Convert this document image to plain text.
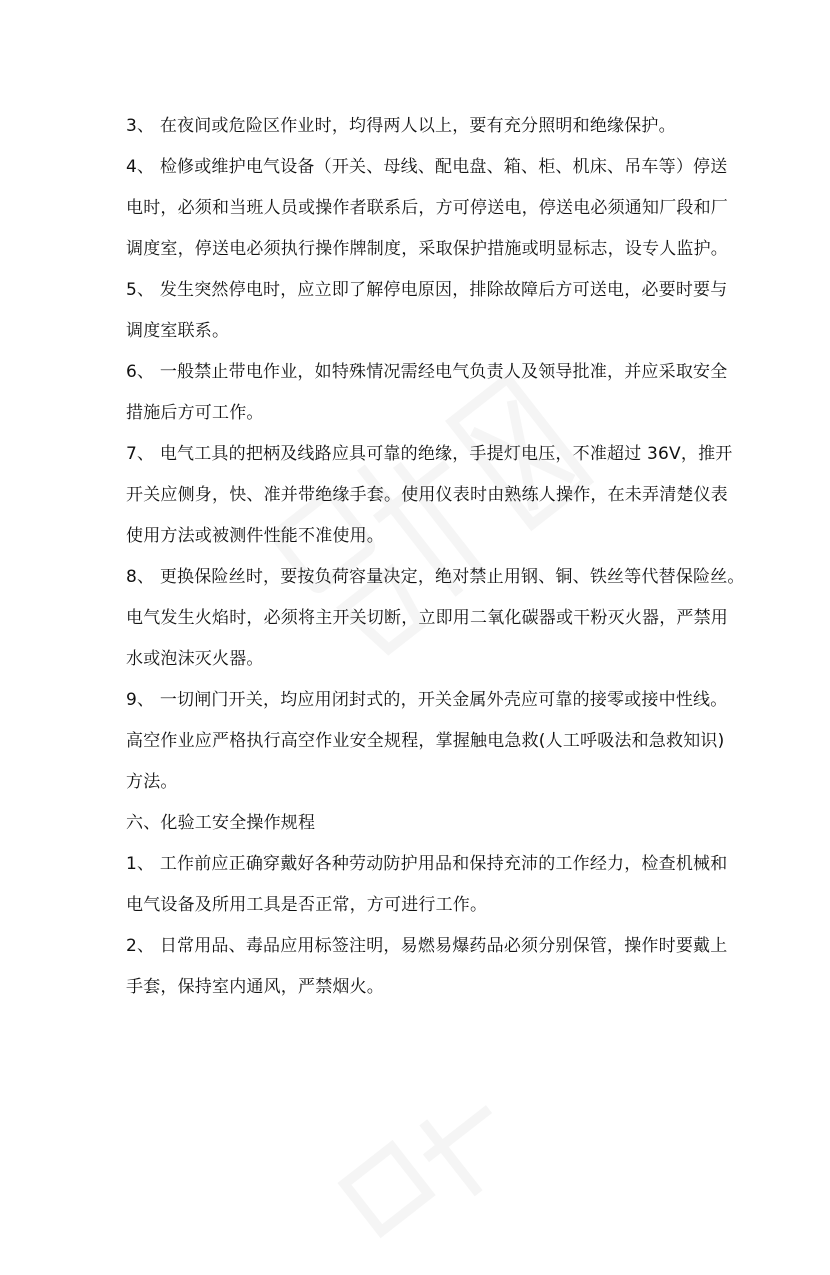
3、 在夜间或危险区作业时，均得两人以上，要有充分照明和绝缘保护。

4、 检修或维护电气设备（开关、母线、配电盘、箱、柜、机床、吊车等）停送

电时，必须和当班人员或操作者联系后，方可停送电，停送电必须通知厂段和厂

调度室，停送电必须执行操作牌制度，采取保护措施或明显标志，设专人监护。

5、 发生突然停电时，应立即了解停电原因，排除故障后方可送电，必要时要与

调度室联系。

6、 一般禁止带电作业，如特殊情况需经电气负责人及领导批准，并应采取安全

措施后方可工作。

7、 电气工具的把柄及线路应具可靠的绝缘，手提灯电压，不准超过 36V，推开

开关应侧身，快、准并带绝缘手套。使用仪表时由熟练人操作，在未弄清楚仪表

使用方法或被测件性能不准使用。

8、 更换保险丝时，要按负荷容量决定，绝对禁止用钢、铜、铁丝等代替保险丝。

电气发生火焰时，必须将主开关切断，立即用二氧化碳器或干粉灭火器，严禁用

水或泡沫灭火器。

9、 一切闸门开关，均应用闭封式的，开关金属外壳应可靠的接零或接中性线。

高空作业应严格执行高空作业安全规程，掌握触电急救(人工呼吸法和急救知识)

方法。

六、化验工安全操作规程

1、 工作前应正确穿戴好各种劳动防护用品和保持充沛的工作经力，检查机械和

电气设备及所用工具是否正常，方可进行工作。

2、 日常用品、毒品应用标签注明，易燃易爆药品必须分别保管，操作时要戴上

手套，保持室内通风，严禁烟火。
